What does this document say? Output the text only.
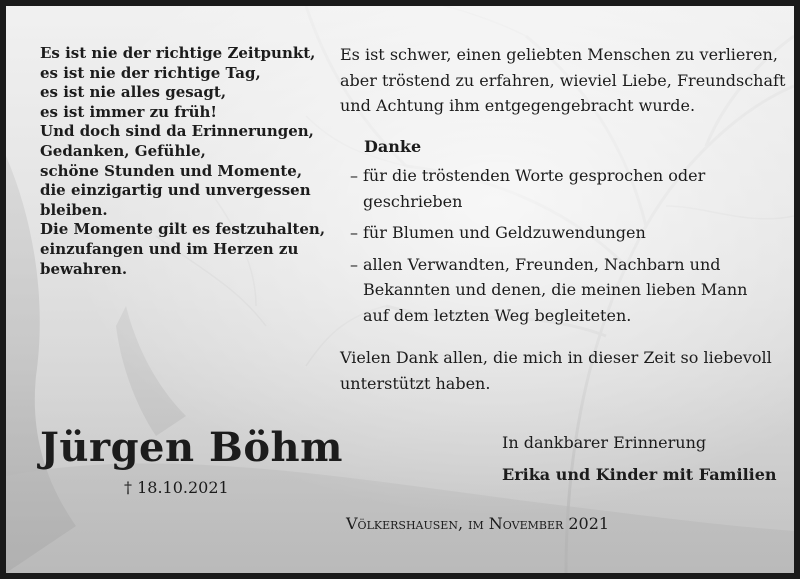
Es ist nie der richtige Zeitpunkt,
es ist nie der richtige Tag,
es ist nie alles gesagt,
es ist immer zu früh!
Und doch sind da Erinnerungen,
Gedanken, Gefühle,
schöne Stunden und Momente,
die einzigartig und unvergessen
bleiben.
Die Momente gilt es festzuhalten,
einzufangen und im Herzen zu
bewahren.
Jürgen Böhm
† 18.10.2021

Es ist schwer, einen geliebten Menschen zu verlieren,

aber tröstend zu erfahren, wieviel Liebe, Freundschaft

und Achtung ihm entgegengebracht wurde.

Danke
– für die tröstenden Worte gesprochen oder
geschrieben
– für Blumen und Geldzuwendungen
– allen Verwandten, Freunden, Nachbarn und
Bekannten und denen, die meinen lieben Mann
auf dem letzten Weg begleiteten.
Vielen Dank allen, die mich in dieser Zeit so liebevoll
unterstützt haben.
In dankbarer Erinnerung
Erika und Kinder mit Familien
Völkershausen, im November 2021
